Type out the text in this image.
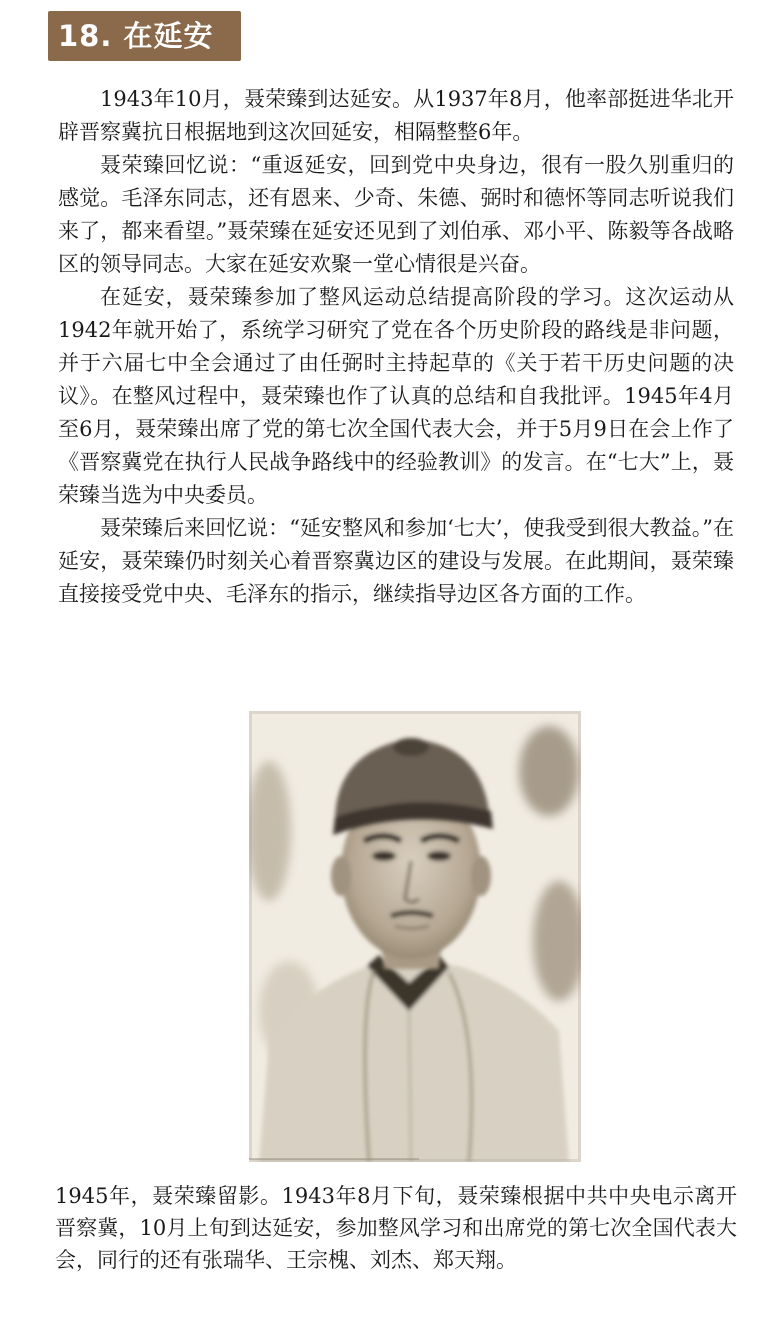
18. 在延安

1943年10月，聂荣臻到达延安。从1937年8月，他率部挺进华北开辟晋察冀抗日根据地到这次回延安，相隔整整6年。

聂荣臻回忆说：“重返延安，回到党中央身边，很有一股久别重归的感觉。毛泽东同志，还有恩来、少奇、朱德、弼时和德怀等同志听说我们来了，都来看望。”聂荣臻在延安还见到了刘伯承、邓小平、陈毅等各战略区的领导同志。大家在延安欢聚一堂心情很是兴奋。

在延安，聂荣臻参加了整风运动总结提高阶段的学习。这次运动从1942年就开始了，系统学习研究了党在各个历史阶段的路线是非问题，并于六届七中全会通过了由任弼时主持起草的《关于若干历史问题的决议》。在整风过程中，聂荣臻也作了认真的总结和自我批评。1945年4月至6月，聂荣臻出席了党的第七次全国代表大会，并于5月9日在会上作了《晋察冀党在执行人民战争路线中的经验教训》的发言。在“七大”上，聂荣臻当选为中央委员。

聂荣臻后来回忆说：“延安整风和参加‘七大’，使我受到很大教益。”在延安，聂荣臻仍时刻关心着晋察冀边区的建设与发展。在此期间，聂荣臻直接接受党中央、毛泽东的指示，继续指导边区各方面的工作。

1945年，聂荣臻留影。1943年8月下旬，聂荣臻根据中共中央电示离开晋察冀，10月上旬到达延安，参加整风学习和出席党的第七次全国代表大会，同行的还有张瑞华、王宗槐、刘杰、郑天翔。
